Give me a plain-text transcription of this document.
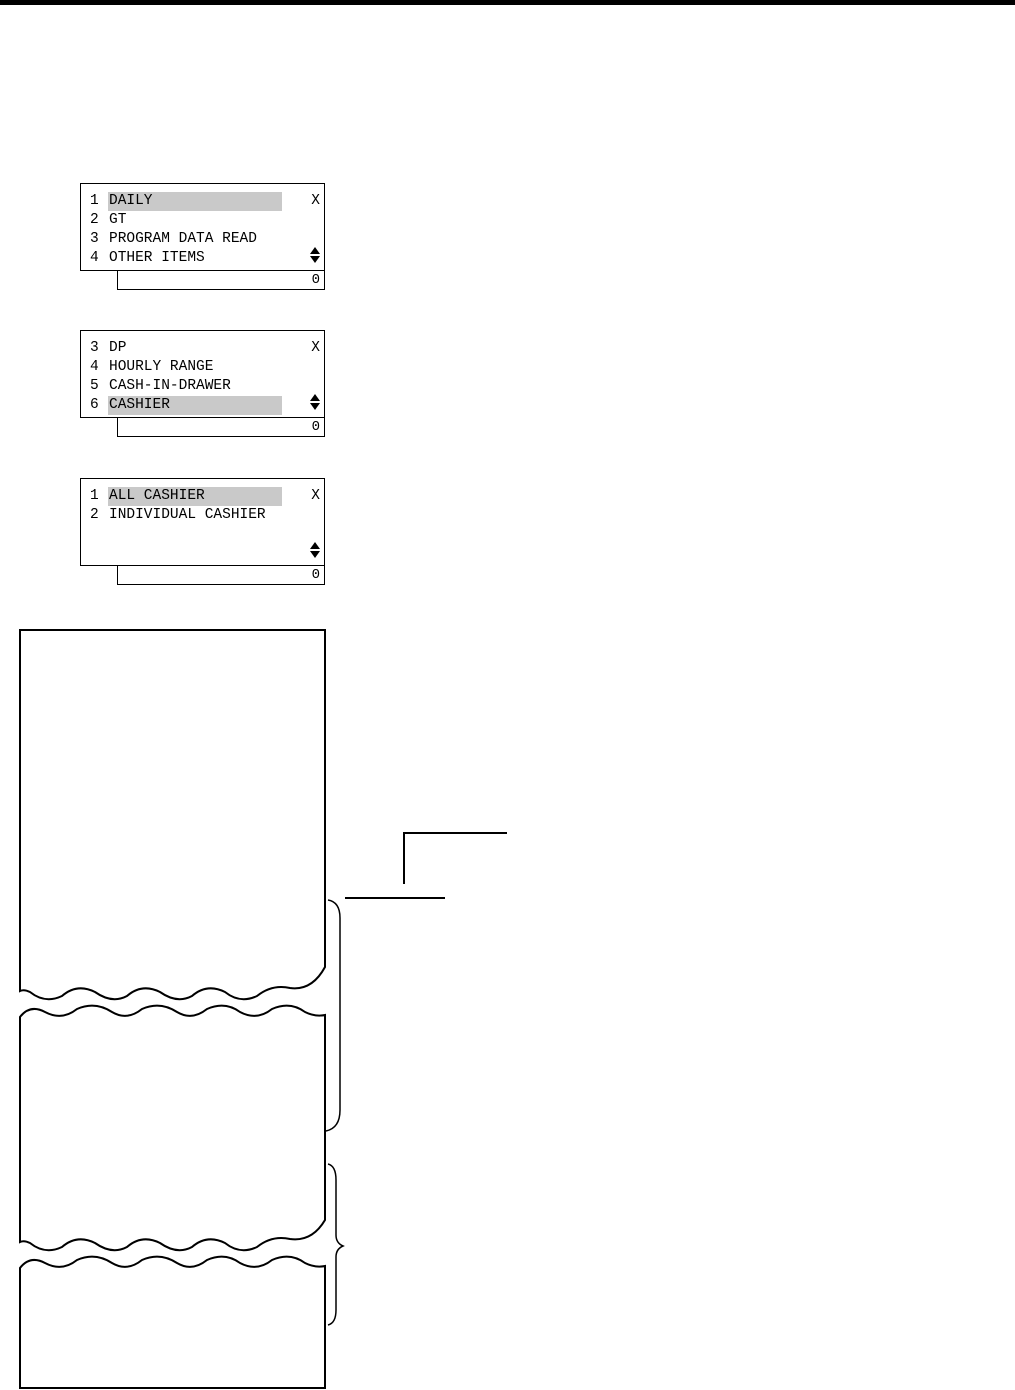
1 DAILY
2 GT
3 PROGRAM DATA READ
4 OTHER ITEMS
X
0
3 DP
4 HOURLY RANGE
5 CASH-IN-DRAWER
6 CASHIER
X
0
1 ALL CASHIER
2 INDIVIDUAL CASHIER
X
0
